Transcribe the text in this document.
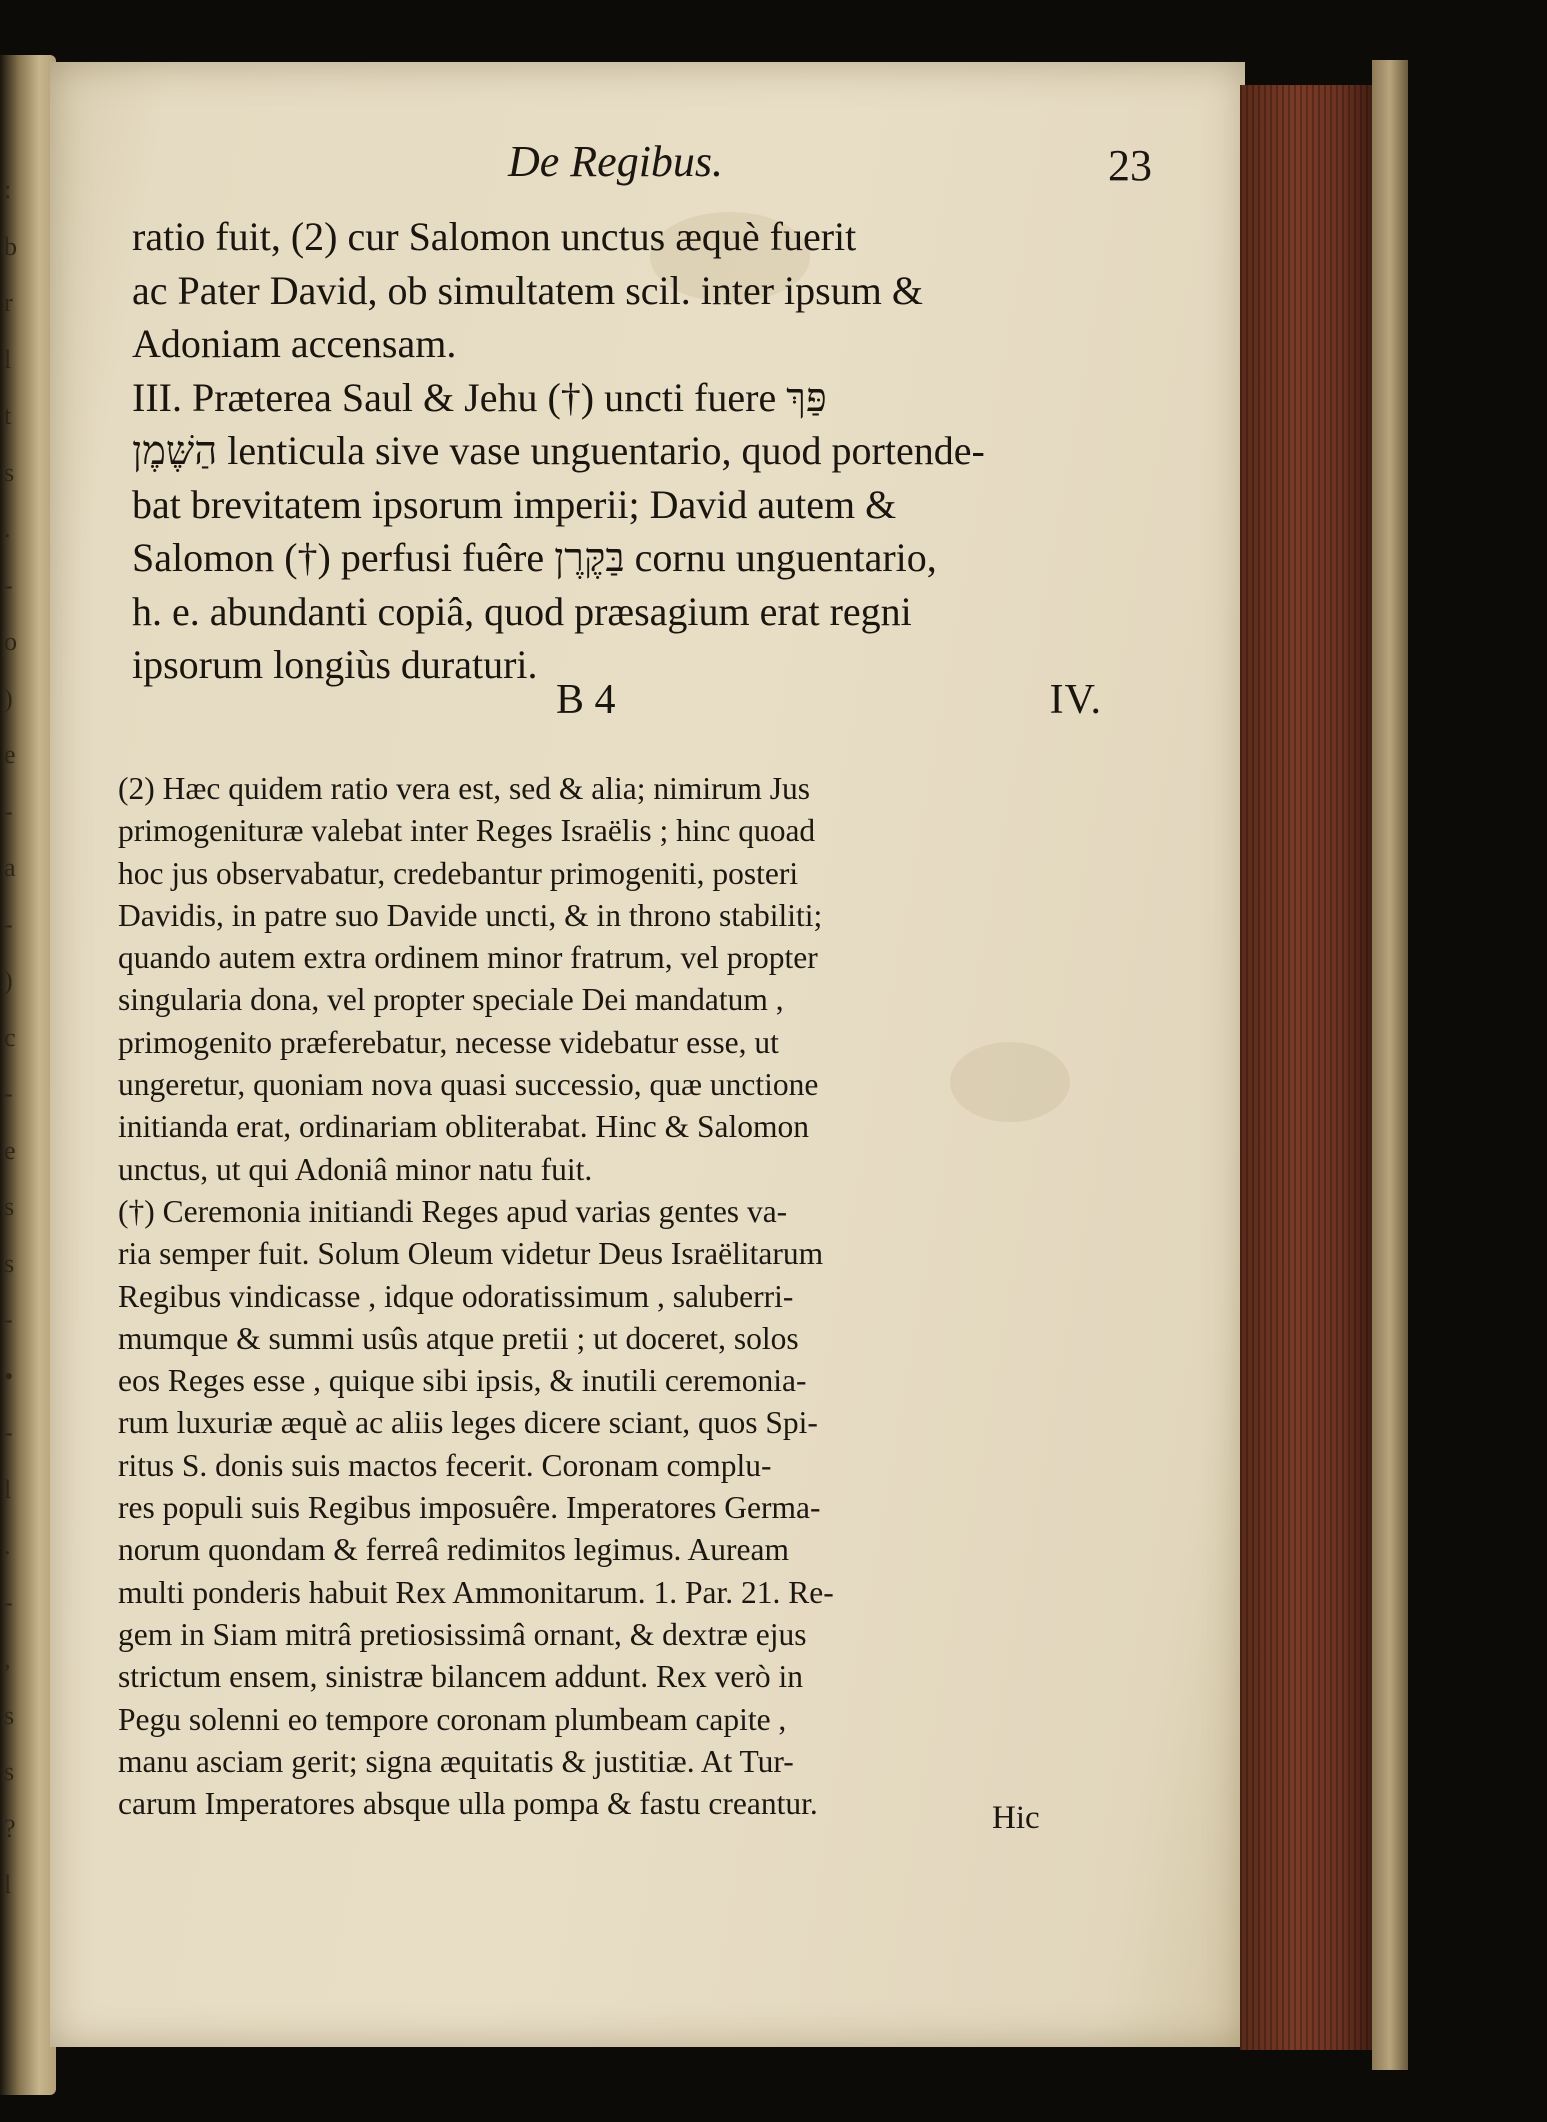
:
b
r
l
t
s
.
-
o
)
e
-
a
-
)
c
-
e
s
s
-
•
-
l
.
-
,
s
s
?
l
De Regibus.	23
ratio fuit, (2) cur Salomon unctus æquè fuerit
ac Pater David, ob simultatem scil. inter ipsum &
Adoniam accensam.
III. Præterea Saul & Jehu (†) uncti fuere פַּךְ
הַשֶּׁמֶן lenticula sive vase unguentario, quod portende-
bat brevitatem ipsorum imperii; David autem &
Salomon (†) perfusi fuêre בַּקֶּרֶן cornu unguentario,
h. e. abundanti copiâ, quod præsagium erat regni
ipsorum longiùs duraturi.
B 4	IV.
(2) Hæc quidem ratio vera est, sed & alia; nimirum Jus
primogenituræ valebat inter Reges Israëlis ; hinc quoad
hoc jus observabatur, credebantur primogeniti, posteri
Davidis, in patre suo Davide uncti, & in throno stabiliti;
quando autem extra ordinem minor fratrum, vel propter
singularia dona, vel propter speciale Dei mandatum ,
primogenito præferebatur, necesse videbatur esse, ut
ungeretur, quoniam nova quasi successio, quæ unctione
initianda erat, ordinariam obliterabat. Hinc & Salomon
unctus, ut qui Adoniâ minor natu fuit.
(†) Ceremonia initiandi Reges apud varias gentes va-
ria semper fuit. Solum Oleum videtur Deus Israëlitarum
Regibus vindicasse , idque odoratissimum , saluberri-
mumque & summi usûs atque pretii ; ut doceret, solos
eos Reges esse , quique sibi ipsis, & inutili ceremonia-
rum luxuriæ æquè ac aliis leges dicere sciant, quos Spi-
ritus S. donis suis mactos fecerit. Coronam complu-
res populi suis Regibus imposuêre. Imperatores Germa-
norum quondam & ferreâ redimitos legimus. Auream
multi ponderis habuit Rex Ammonitarum. 1. Par. 21. Re-
gem in Siam mitrâ pretiosissimâ ornant, & dextræ ejus
strictum ensem, sinistræ bilancem addunt. Rex verò in
Pegu solenni eo tempore coronam plumbeam capite ,
manu asciam gerit; signa æquitatis & justitiæ. At Tur-
carum Imperatores absque ulla pompa & fastu creantur.	Hic
